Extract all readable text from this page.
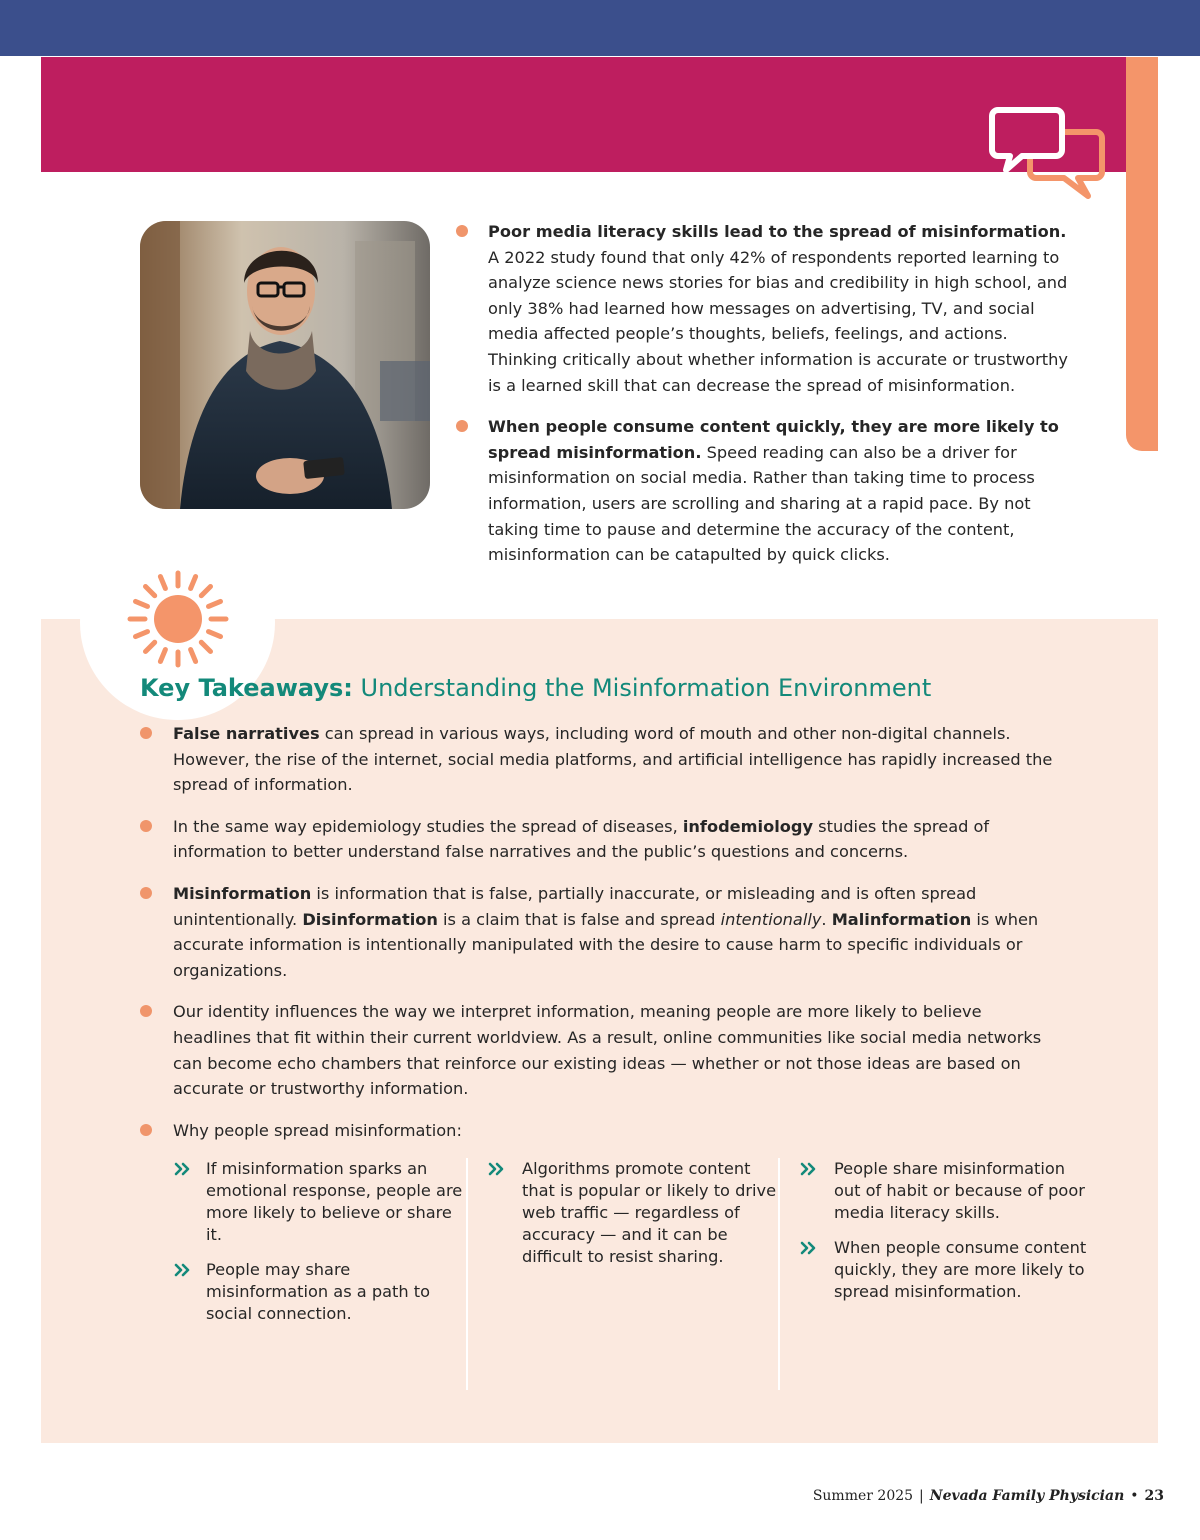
Poor media literacy skills lead to the spread of misinformation. A 2022 study found that only 42% of respondents reported learning to analyze science news stories for bias and credibility in high school, and only 38% had learned how messages on advertising, TV, and social media affected people’s thoughts, beliefs, feelings, and actions. Thinking critically about whether information is accurate or trustworthy is a learned skill that can decrease the spread of misinformation.
When people consume content quickly, they are more likely to spread misinformation. Speed reading can also be a driver for misinformation on social media. Rather than taking time to process information, users are scrolling and sharing at a rapid pace. By not taking time to pause and determine the accuracy of the content, misinformation can be catapulted by quick clicks.
Key Takeaways: Understanding the Misinformation Environment
False narratives can spread in various ways, including word of mouth and other non-digital channels. However, the rise of the internet, social media platforms, and artificial intelligence has rapidly increased the spread of information.
In the same way epidemiology studies the spread of diseases, infodemiology studies the spread of information to better understand false narratives and the public’s questions and concerns.
Misinformation is information that is false, partially inaccurate, or misleading and is often spread unintentionally. Disinformation is a claim that is false and spread intentionally. Malinformation is when accurate information is intentionally manipulated with the desire to cause harm to specific individuals or organizations.
Our identity influences the way we interpret information, meaning people are more likely to believe headlines that fit within their current worldview. As a result, online communities like social media networks can become echo chambers that reinforce our existing ideas — whether or not those ideas are based on accurate or trustworthy information.
Why people spread misinformation:
If misinformation sparks an emotional response, people are more likely to believe or share it.
People may share misinformation as a path to social connection.
Algorithms promote content that is popular or likely to drive web traffic — regardless of accuracy — and it can be difficult to resist sharing.
People share misinformation out of habit or because of poor media literacy skills.
When people consume content quickly, they are more likely to spread misinformation.
Summer 2025 | Nevada Family Physician • 23
